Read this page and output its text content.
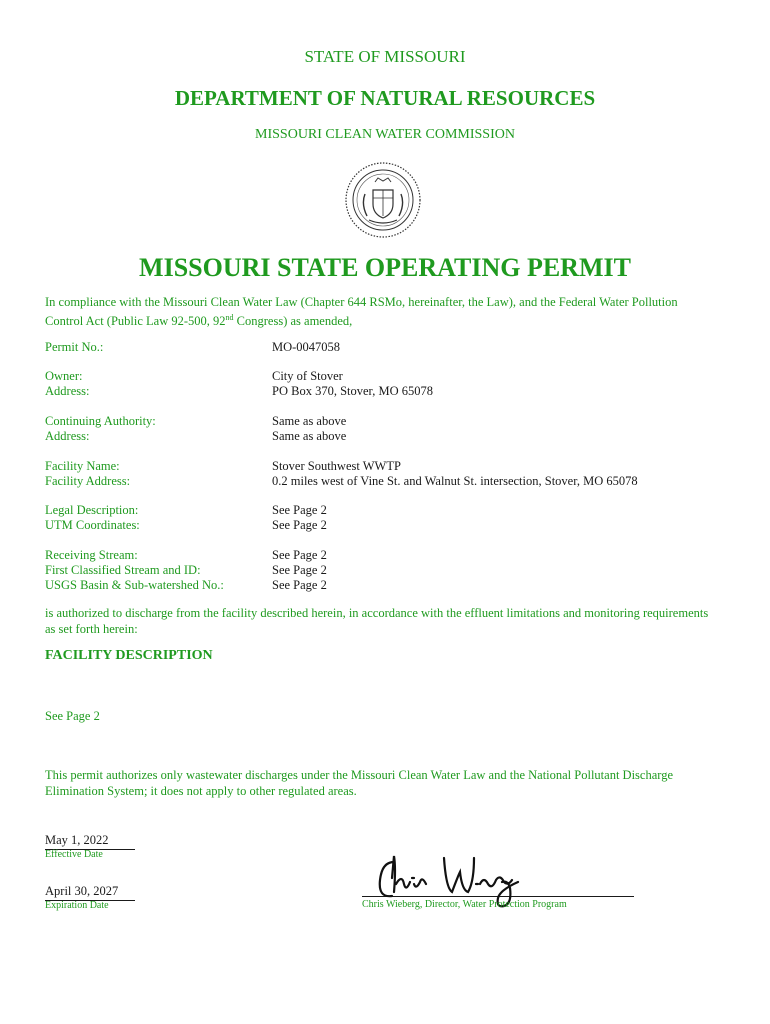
STATE OF MISSOURI
DEPARTMENT OF NATURAL RESOURCES
MISSOURI CLEAN WATER COMMISSION
MISSOURI STATE OPERATING PERMIT
In compliance with the Missouri Clean Water Law (Chapter 644 RSMo, hereinafter, the Law), and the Federal Water Pollution
Control Act (Public Law 92-500, 92nd Congress) as amended,
Permit No.:	MO-0047058
Owner:	City of Stover
Address:	PO Box 370, Stover, MO 65078
Continuing Authority:	Same as above
Address:	Same as above
Facility Name:	Stover Southwest WWTP
Facility Address:	0.2 miles west of Vine St. and Walnut St. intersection, Stover, MO 65078
Legal Description:	See Page 2
UTM Coordinates:	See Page 2
Receiving Stream:	See Page 2
First Classified Stream and ID:	See Page 2
USGS Basin & Sub-watershed No.:	See Page 2
is authorized to discharge from the facility described herein, in accordance with the effluent limitations and monitoring requirements
as set forth herein:
FACILITY DESCRIPTION
See Page 2
This permit authorizes only wastewater discharges under the Missouri Clean Water Law and the National Pollutant Discharge
Elimination System; it does not apply to other regulated areas.
May 1, 2022
Effective Date
April 30, 2027
Expiration Date	Chris Wieberg, Director, Water Protection Program
